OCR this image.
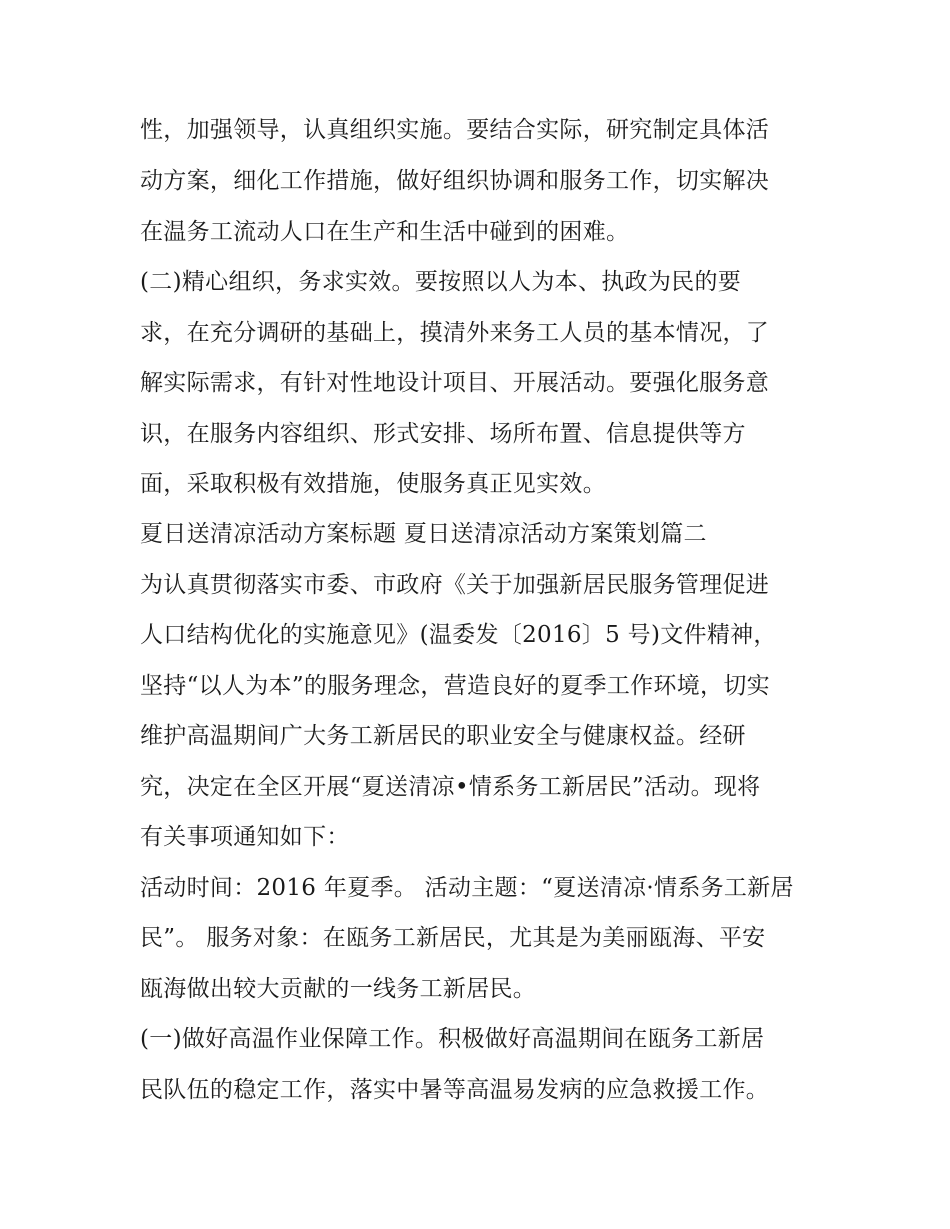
性，加强领导，认真组织实施。要结合实际，研究制定具体活
动方案，细化工作措施，做好组织协调和服务工作，切实解决
在温务工流动人口在生产和生活中碰到的困难。
(二)精心组织，务求实效。要按照以人为本、执政为民的要
求，在充分调研的基础上，摸清外来务工人员的基本情况，了
解实际需求，有针对性地设计项目、开展活动。要强化服务意
识，在服务内容组织、形式安排、场所布置、信息提供等方
面，采取积极有效措施，使服务真正见实效。
夏日送清凉活动方案标题 夏日送清凉活动方案策划篇二
为认真贯彻落实市委、市政府《关于加强新居民服务管理促进
人口结构优化的实施意见》(温委发〔2016〕5 号)文件精神，
坚持“以人为本”的服务理念，营造良好的夏季工作环境，切实
维护高温期间广大务工新居民的职业安全与健康权益。经研
究，决定在全区开展“夏送清凉•情系务工新居民”活动。现将
有关事项通知如下：
活动时间：2016 年夏季。 活动主题：“夏送清凉·情系务工新居
民”。 服务对象：在瓯务工新居民，尤其是为美丽瓯海、平安
瓯海做出较大贡献的一线务工新居民。
(一)做好高温作业保障工作。积极做好高温期间在瓯务工新居
民队伍的稳定工作，落实中暑等高温易发病的应急救援工作。
